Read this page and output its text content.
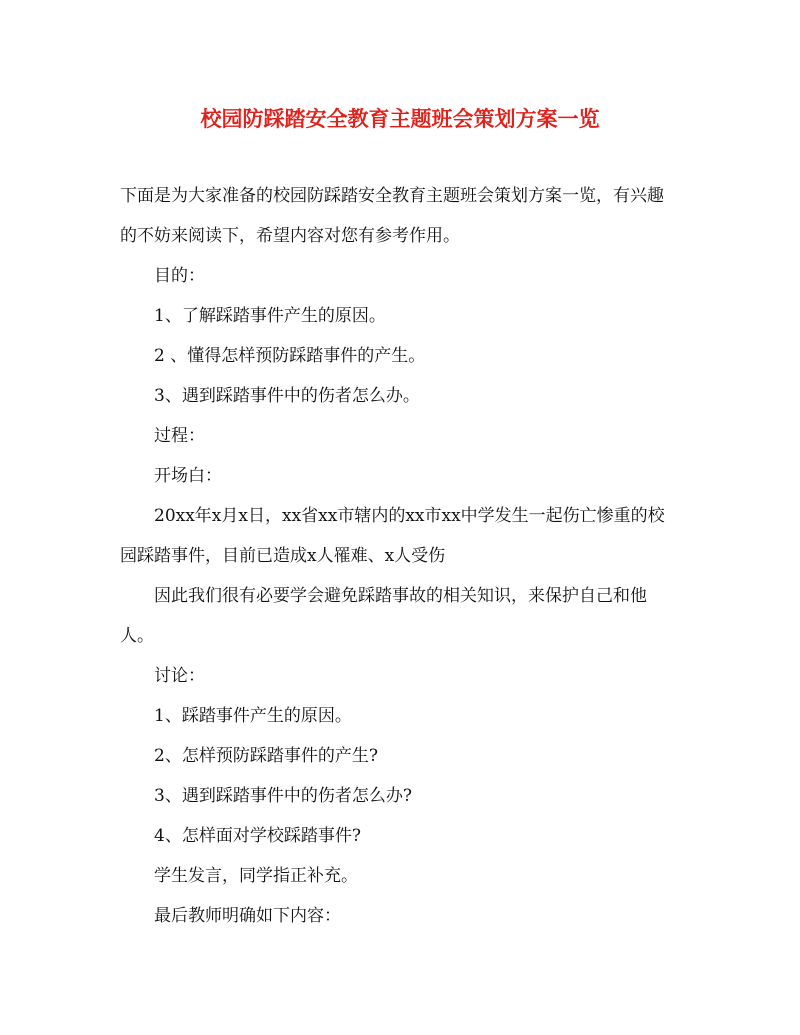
校园防踩踏安全教育主题班会策划方案一览

下面是为大家准备的校园防踩踏安全教育主题班会策划方案一览，有兴趣的不妨来阅读下，希望内容对您有参考作用。

目的：

1、了解踩踏事件产生的原因。

2 、懂得怎样预防踩踏事件的产生。

3、遇到踩踏事件中的伤者怎么办。

过程：

开场白：

20xx年x月x日，xx省xx市辖内的xx市xx中学发生一起伤亡惨重的校园踩踏事件，目前已造成x人罹难、x人受伤

因此我们很有必要学会避免踩踏事故的相关知识，来保护自己和他人。

讨论：

1、踩踏事件产生的原因。

2、怎样预防踩踏事件的产生?

3、遇到踩踏事件中的伤者怎么办?

4、怎样面对学校踩踏事件?

学生发言，同学指正补充。

最后教师明确如下内容：
